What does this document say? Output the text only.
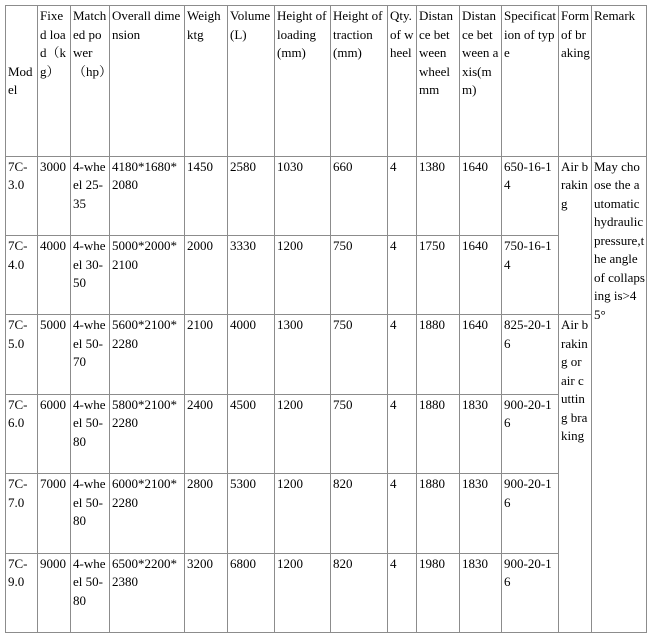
Model	Fixed load（kg）	Matched power（hp）	Overall dimension	Weighktg	Volume(L)	Height of loading(mm)	Height of traction(mm)	Qty.of wheel	Distance between wheel mm	Distance between axis(mm)	Specification of type	Form of braking	Remark
7C-3.0	3000	4-wheel 25-35	4180*1680*2080	1450	2580	1030	660	4	1380	1640	650-16-14	Air braking	May choose the automatic hydraulic pressure,the angle of collapsing is>45°
7C-4.0	4000	4-wheel 30-50	5000*2000*2100	2000	3330	1200	750	4	1750	1640	750-16-14		
7C-5.0	5000	4-wheel 50-70	5600*2100*2280	2100	4000	1300	750	4	1880	1640	825-20-16	Air braking or air cutting braking	
7C-6.0	6000	4-wheel 50-80	5800*2100*2280	2400	4500	1200	750	4	1880	1830	900-20-16		
7C-7.0	7000	4-wheel 50-80	6000*2100*2280	2800	5300	1200	820	4	1880	1830	900-20-16		
7C-9.0	9000	4-wheel 50-80	6500*2200*2380	3200	6800	1200	820	4	1980	1830	900-20-16		
